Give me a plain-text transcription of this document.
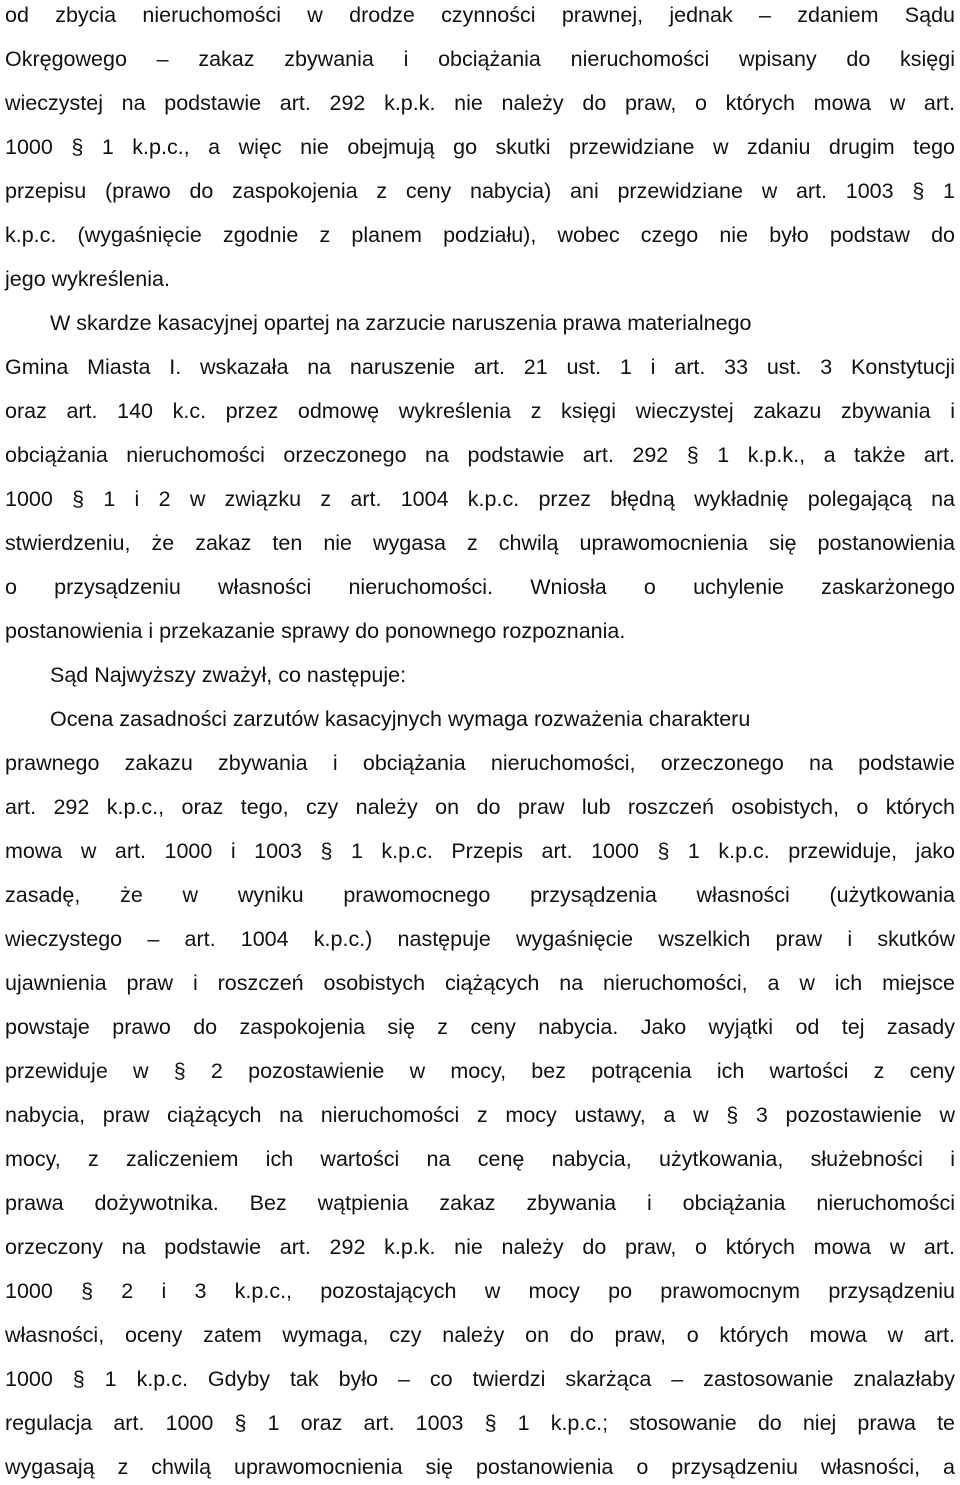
od zbycia nieruchomości w drodze czynności prawnej, jednak – zdaniem Sądu
Okręgowego – zakaz zbywania i obciążania nieruchomości wpisany do księgi
wieczystej na podstawie art. 292 k.p.k. nie należy do praw, o których mowa w art.
1000 § 1 k.p.c., a więc nie obejmują go skutki przewidziane w zdaniu drugim tego
przepisu (prawo do zaspokojenia z ceny nabycia) ani przewidziane w art. 1003 § 1
k.p.c. (wygaśnięcie zgodnie z planem podziału), wobec czego nie było podstaw do
jego wykreślenia.
W skardze kasacyjnej opartej na zarzucie naruszenia prawa materialnego
Gmina Miasta I. wskazała na naruszenie art. 21 ust. 1 i art. 33 ust. 3 Konstytucji
oraz art. 140 k.c. przez odmowę wykreślenia z księgi wieczystej zakazu zbywania i
obciążania nieruchomości orzeczonego na podstawie art. 292 § 1 k.p.k., a także art.
1000 § 1 i 2 w związku z art. 1004 k.p.c. przez błędną wykładnię polegającą na
stwierdzeniu, że zakaz ten nie wygasa z chwilą uprawomocnienia się postanowienia
o przysądzeniu własności nieruchomości. Wniosła o uchylenie zaskarżonego
postanowienia i przekazanie sprawy do ponownego rozpoznania.
Sąd Najwyższy zważył, co następuje:
Ocena zasadności zarzutów kasacyjnych wymaga rozważenia charakteru
prawnego zakazu zbywania i obciążania nieruchomości, orzeczonego na podstawie
art. 292 k.p.c., oraz tego, czy należy on do praw lub roszczeń osobistych, o których
mowa w art. 1000 i 1003 § 1 k.p.c. Przepis art. 1000 § 1 k.p.c. przewiduje, jako
zasadę, że w wyniku prawomocnego przysądzenia własności (użytkowania
wieczystego – art. 1004 k.p.c.) następuje wygaśnięcie wszelkich praw i skutków
ujawnienia praw i roszczeń osobistych ciążących na nieruchomości, a w ich miejsce
powstaje prawo do zaspokojenia się z ceny nabycia. Jako wyjątki od tej zasady
przewiduje w § 2 pozostawienie w mocy, bez potrącenia ich wartości z ceny
nabycia, praw ciążących na nieruchomości z mocy ustawy, a w § 3 pozostawienie w
mocy, z zaliczeniem ich wartości na cenę nabycia, użytkowania, służebności i
prawa dożywotnika. Bez wątpienia zakaz zbywania i obciążania nieruchomości
orzeczony na podstawie art. 292 k.p.k. nie należy do praw, o których mowa w art.
1000 § 2 i 3 k.p.c., pozostających w mocy po prawomocnym przysądzeniu
własności, oceny zatem wymaga, czy należy on do praw, o których mowa w art.
1000 § 1 k.p.c. Gdyby tak było – co twierdzi skarżąca – zastosowanie znalazłaby
regulacja art. 1000 § 1 oraz art. 1003 § 1 k.p.c.; stosowanie do niej prawa te
wygasają z chwilą uprawomocnienia się postanowienia o przysądzeniu własności, a
